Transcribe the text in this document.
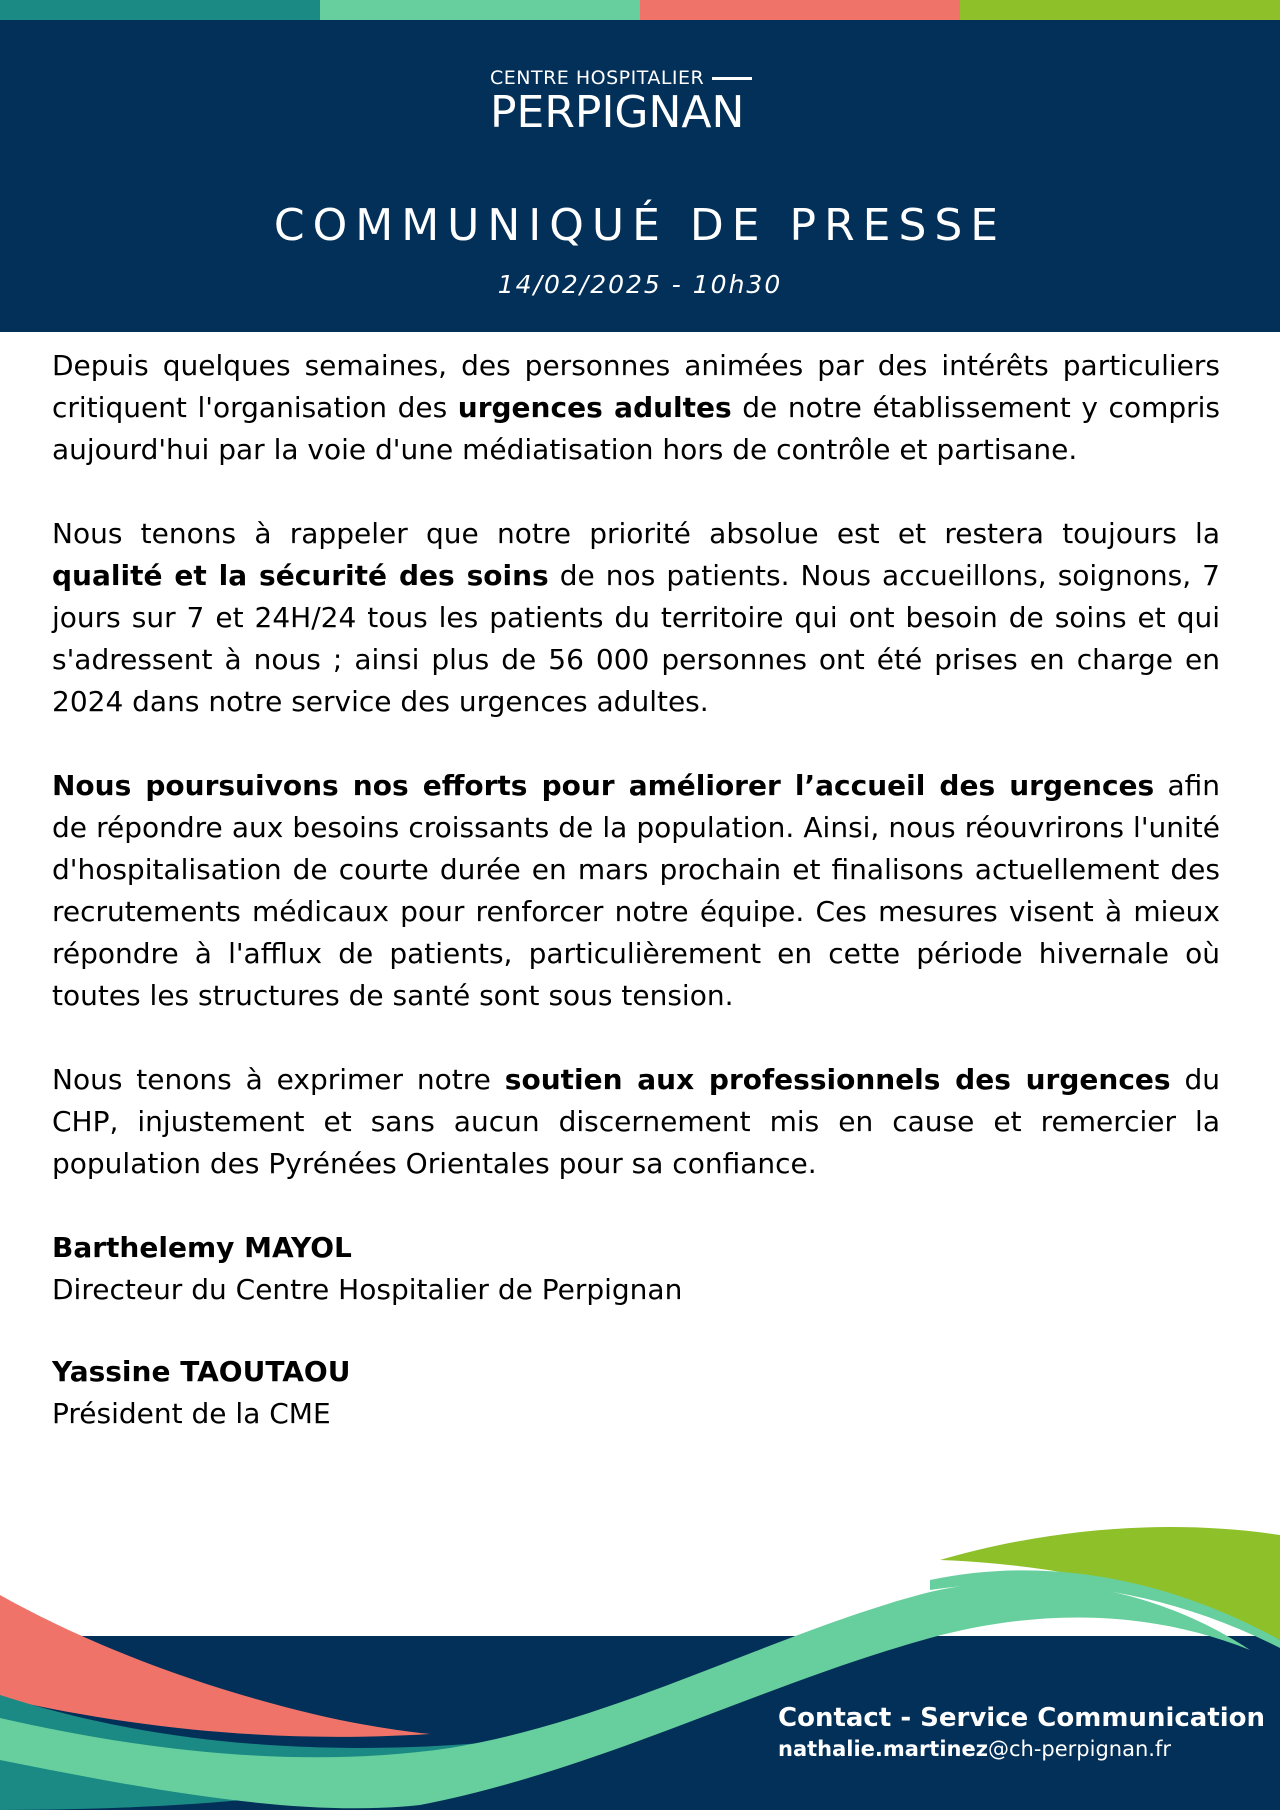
CENTRE HOSPITALIER
PERPIGNAN
COMMUNIQUÉ DE PRESSE
14/02/2025 - 10h30

Depuis quelques semaines, des personnes animées par des intérêts particuliers critiquent l'organisation des urgences adultes de notre établissement y compris aujourd'hui par la voie d'une médiatisation hors de contrôle et partisane.

Nous tenons à rappeler que notre priorité absolue est et restera toujours la qualité et la sécurité des soins de nos patients. Nous accueillons, soignons, 7 jours sur 7 et 24H/24 tous les patients du territoire qui ont besoin de soins et qui s'adressent à nous ; ainsi plus de 56 000 personnes ont été prises en charge en 2024 dans notre service des urgences adultes.

Nous poursuivons nos efforts pour améliorer l’accueil des urgences afin de répondre aux besoins croissants de la population. Ainsi, nous réouvrirons l'unité d'hospitalisation de courte durée en mars prochain et finalisons actuellement des recrutements médicaux pour renforcer notre équipe. Ces mesures visent à mieux répondre à l'afflux de patients, particulièrement en cette période hivernale où toutes les structures de santé sont sous tension.

Nous tenons à exprimer notre soutien aux professionnels des urgences du CHP, injustement et sans aucun discernement mis en cause et remercier la population des Pyrénées Orientales pour sa confiance.

Barthelemy MAYOL
Directeur du Centre Hospitalier de Perpignan
Yassine TAOUTAOU
Président de la CME
Contact - Service Communication
nathalie.martinez@ch-perpignan.fr
